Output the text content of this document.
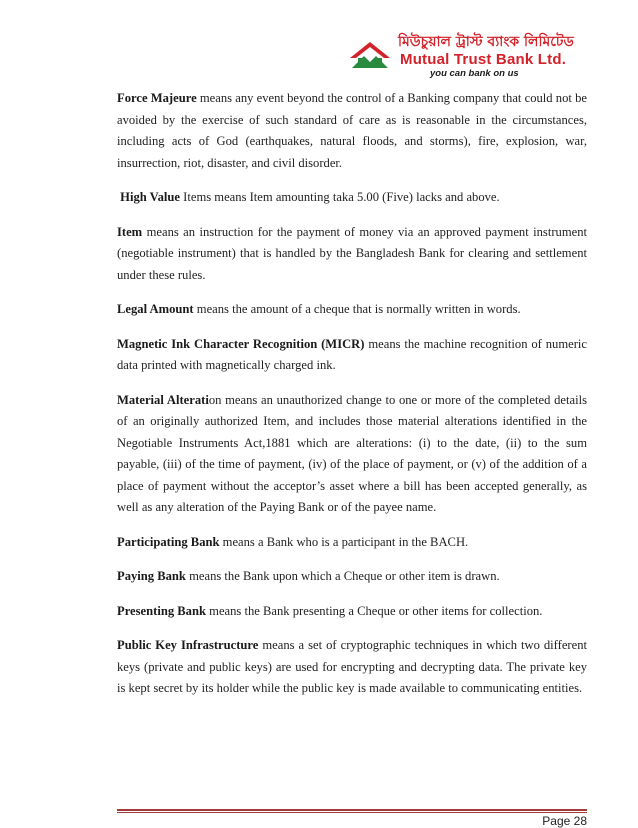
মিউচুয়াল ট্রাস্ট ব্যাংক লিমিটেড
Mutual Trust Bank Ltd.
you can bank on us

Force Majeure means any event beyond the control of a Banking company that could not be avoided by the exercise of such standard of care as is reasonable in the circumstances, including acts of God (earthquakes, natural floods, and storms), fire, explosion, war, insurrection, riot, disaster, and civil disorder.

High Value Items means Item amounting taka 5.00 (Five) lacks and above.

Item means an instruction for the payment of money via an approved payment instrument (negotiable instrument) that is handled by the Bangladesh Bank for clearing and settlement under these rules.

Legal Amount means the amount of a cheque that is normally written in words.

Magnetic Ink Character Recognition (MICR) means the machine recognition of numeric data printed with magnetically charged ink.

Material Alteration means an unauthorized change to one or more of the completed details of an originally authorized Item, and includes those material alterations identified in the Negotiable Instruments Act,1881 which are alterations: (i) to the date, (ii) to the sum payable, (iii) of the time of payment, (iv) of the place of payment, or (v) of the addition of a place of payment without the acceptor’s asset where a bill has been accepted generally, as well as any alteration of the Paying Bank or of the payee name.

Participating Bank means a Bank who is a participant in the BACH.

Paying Bank means the Bank upon which a Cheque or other item is drawn.

Presenting Bank means the Bank presenting a Cheque or other items for collection.

Public Key Infrastructure means a set of cryptographic techniques in which two different keys (private and public keys) are used for encrypting and decrypting data. The private key is kept secret by its holder while the public key is made available to communicating entities.

Page 28
